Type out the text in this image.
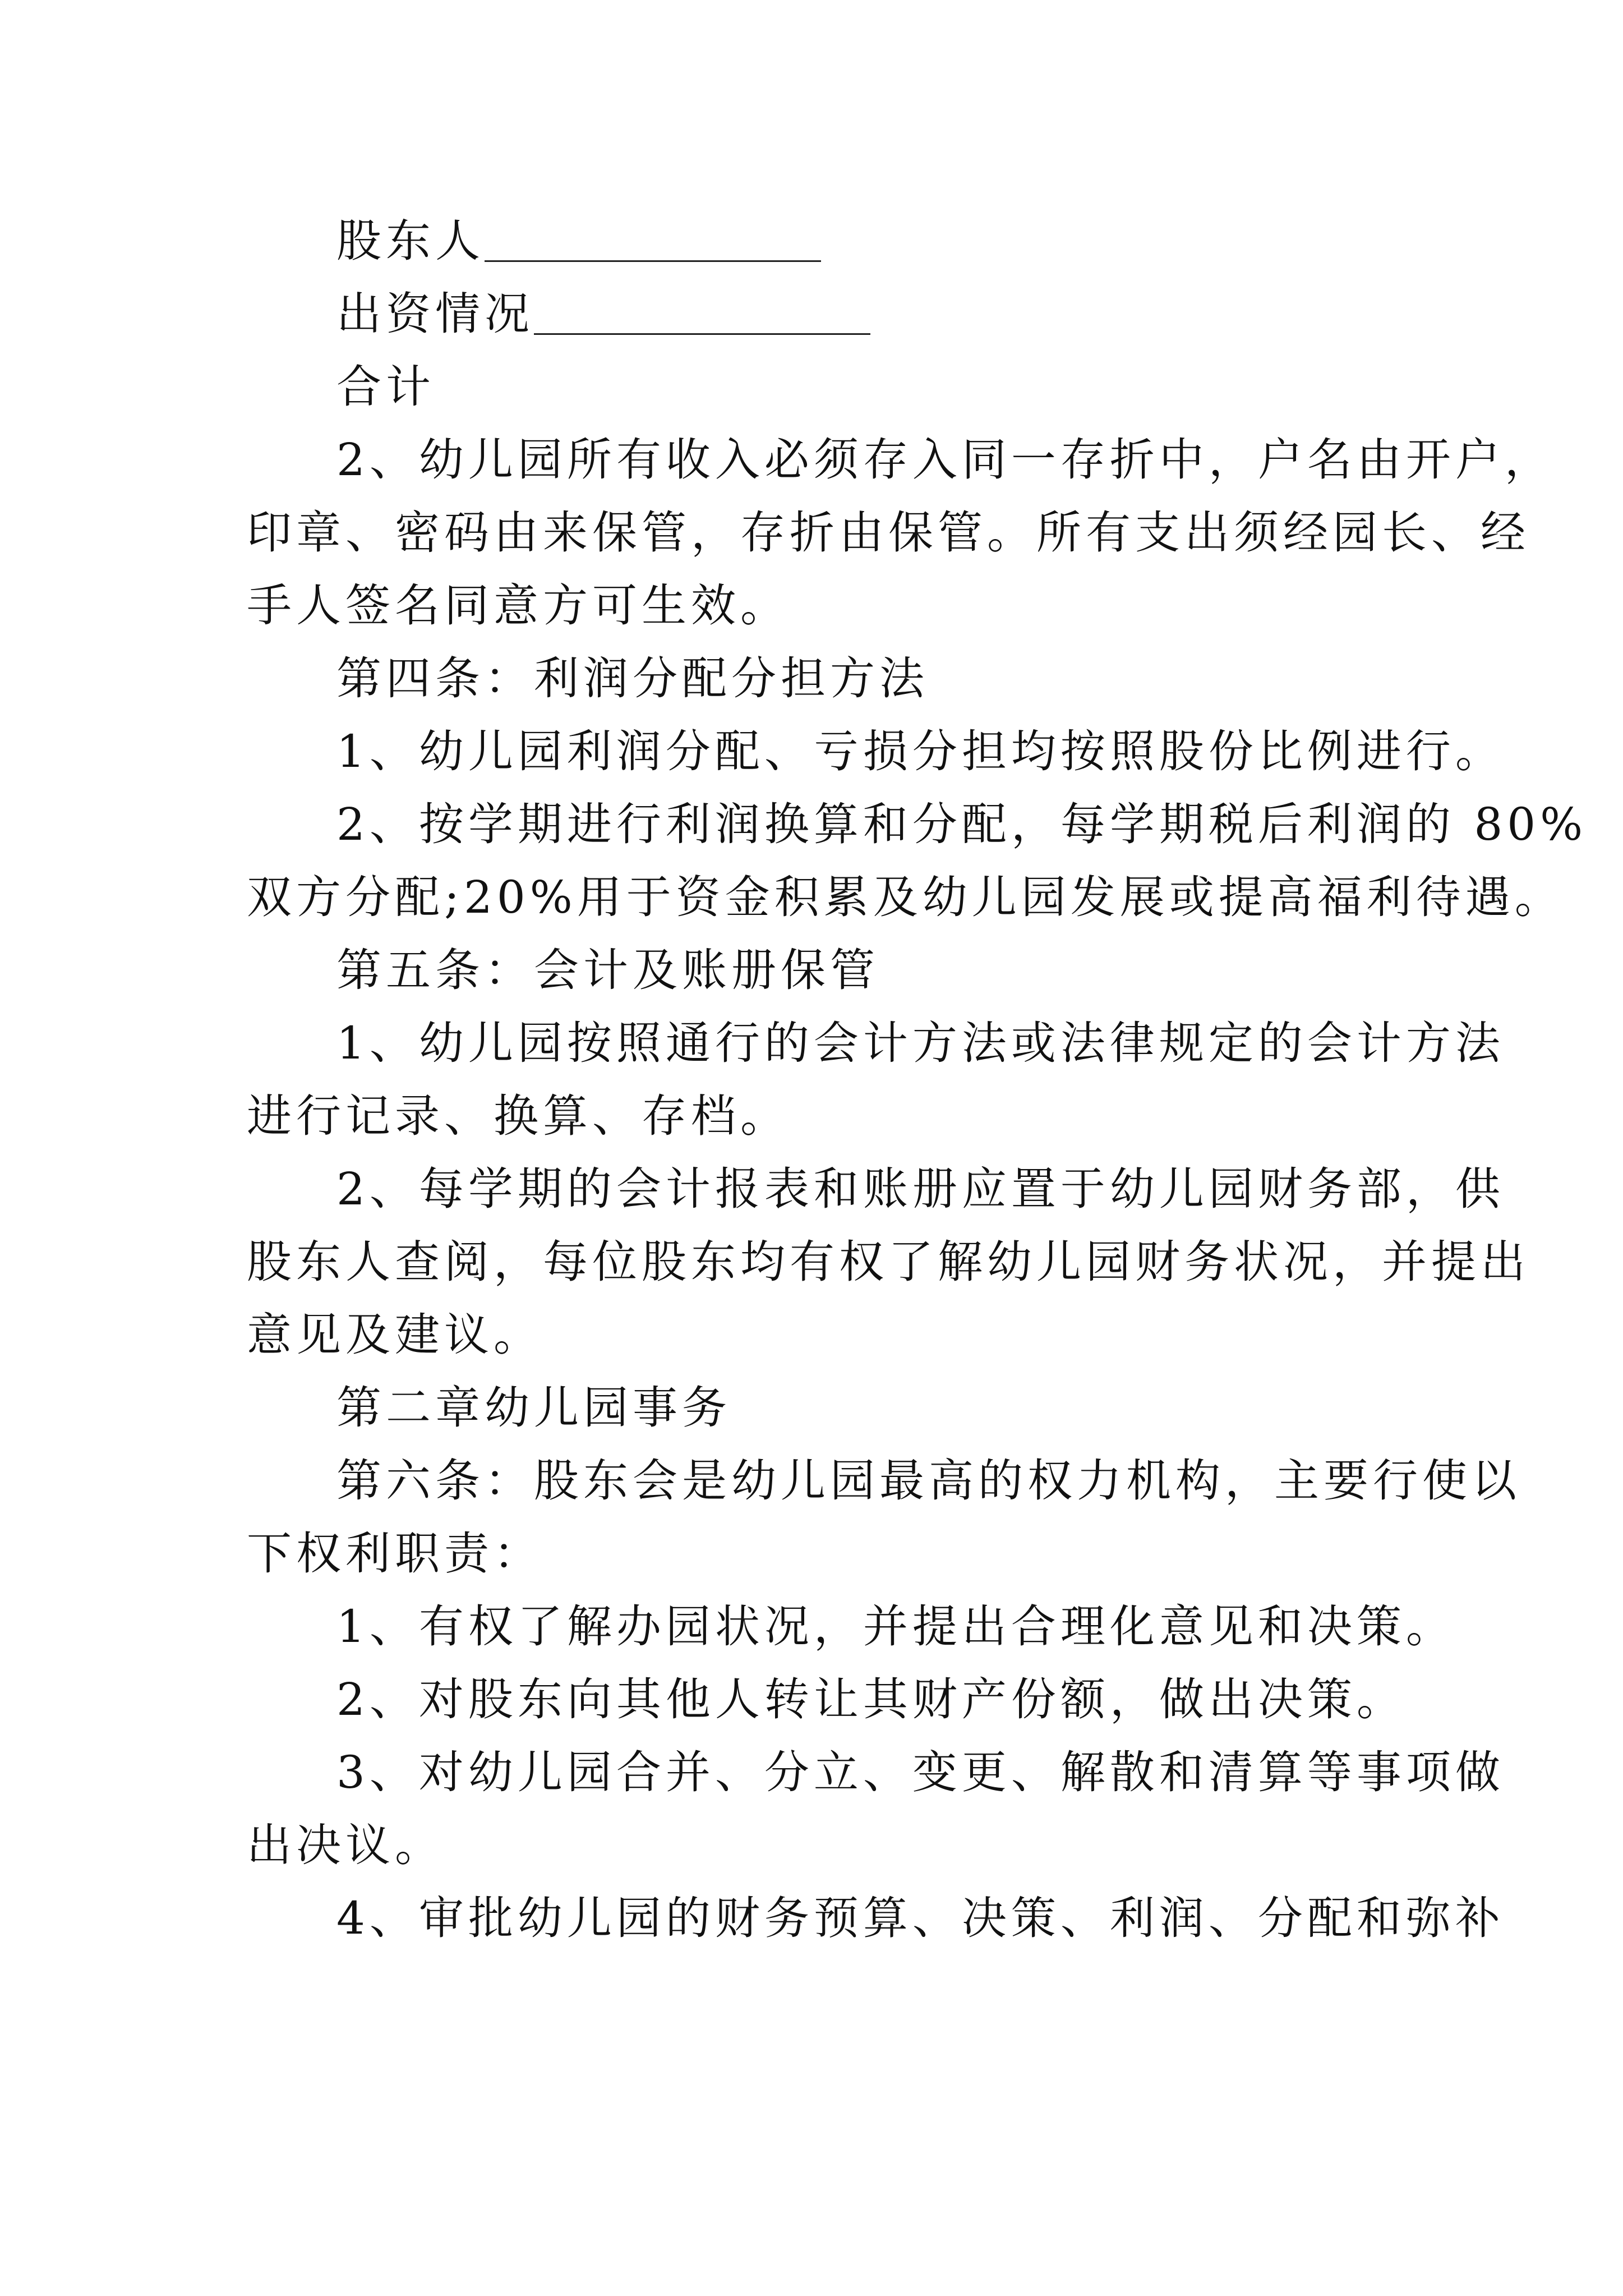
股东人
出资情况
合计
2、幼儿园所有收入必须存入同一存折中，户名由开户，
印章、密码由来保管，存折由保管。所有支出须经园长、经
手人签名同意方可生效。
第四条：利润分配分担方法
1、幼儿园利润分配、亏损分担均按照股份比例进行。
2、按学期进行利润换算和分配，每学期税后利润的 80%
双方分配;20%用于资金积累及幼儿园发展或提高福利待遇。
第五条：会计及账册保管
1、幼儿园按照通行的会计方法或法律规定的会计方法
进行记录、换算、存档。
2、每学期的会计报表和账册应置于幼儿园财务部，供
股东人查阅，每位股东均有权了解幼儿园财务状况，并提出
意见及建议。
第二章幼儿园事务
第六条：股东会是幼儿园最高的权力机构，主要行使以
下权利职责：
1、有权了解办园状况，并提出合理化意见和决策。
2、对股东向其他人转让其财产份额，做出决策。
3、对幼儿园合并、分立、变更、解散和清算等事项做
出决议。
4、审批幼儿园的财务预算、决策、利润、分配和弥补
